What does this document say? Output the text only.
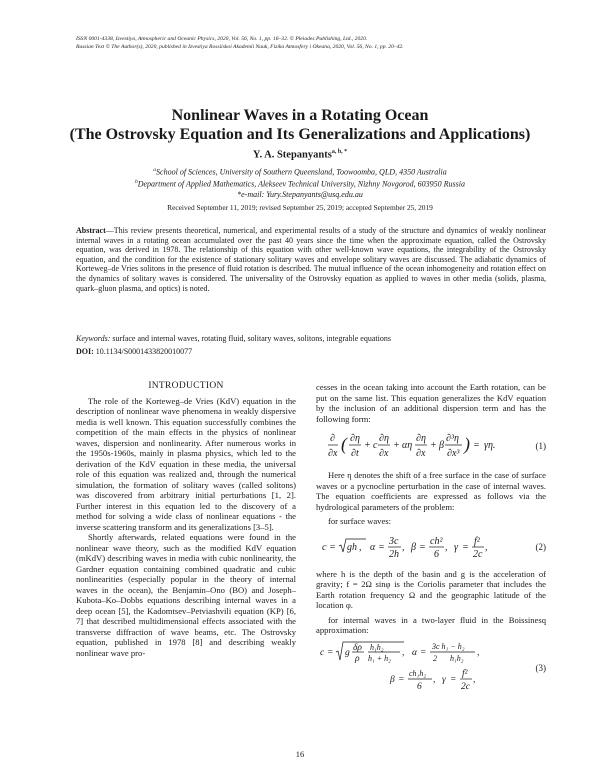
ISSN 0001-4338, Izvestiya, Atmospheric and Oceanic Physics, 2020, Vol. 56, No. 1, pp. 16–32. © Pleiades Publishing, Ltd., 2020.
Russian Text © The Author(s), 2020, published in Izvestiya Rossiiskoi Akademii Nauk, Fizika Atmosfery i Okeana, 2020, Vol. 56, No. 1, pp. 20–42.
Nonlinear Waves in a Rotating Ocean
(The Ostrovsky Equation and Its Generalizations and Applications)
Y. A. Stepanyants$^{a, b, *}$
$^a$School of Sciences, University of Southern Queensland, Toowoomba, QLD, 4350 Australia
$^b$Department of Applied Mathematics, Alekseev Technical University, Nizhny Novgorod, 603950 Russia
*e-mail: Yury.Stepanyants@usq.edu.au
Received September 11, 2019; revised September 25, 2019; accepted September 25, 2019
Abstract—This review presents theoretical, numerical, and experimental results of a study of the structure and dynamics of weakly nonlinear internal waves in a rotating ocean accumulated over the past 40 years since the time when the approximate equation, called the Ostrovsky equation, was derived in 1978. The relationship of this equation with other well-known wave equations, the integrability of the Ostrovsky equation, and the condition for the existence of stationary solitary waves and envelope solitary waves are discussed. The adiabatic dynamics of Korteweg–de Vries solitons in the presence of fluid rotation is described. The mutual influence of the ocean inhomogeneity and rotation effect on the dynamics of solitary waves is considered. The universality of the Ostrovsky equation as applied to waves in other media (solids, plasma, quark–gluon plasma, and optics) is noted.
Keywords: surface and internal waves, rotating fluid, solitary waves, solitons, integrable equations
DOI: 10.1134/S0001433820010077
INTRODUCTION

The role of the Korteweg–de Vries (KdV) equation in the description of nonlinear wave phenomena in weakly dispersive media is well known. This equation successfully combines the competition of the main effects in the physics of nonlinear waves, dispersion and nonlinearity. After numerous works in the 1950s-1960s, mainly in plasma physics, which led to the derivation of the KdV equation in these media, the universal role of this equation was realized and, through the numerical simulation, the formation of solitary waves (called solitons) was discovered from arbitrary initial perturbations [1, 2]. Further interest in this equation led to the discovery of a method for solving a wide class of nonlinear equations - the inverse scattering transform and its generalizations [3–5].

Shortly afterwards, related equations were found in the nonlinear wave theory, such as the modified KdV equation (mKdV) describing waves in media with cubic nonlinearity, the Gardner equation containing combined quadratic and cubic nonlinearities (especially popular in the theory of internal waves in the ocean), the Benjamin–Ono (BO) and Joseph–Kubota–Ko–Dobbs equations describing internal waves in a deep ocean [5], the Kadomtsev–Petviashvili equation (KP) [6, 7] that described multidimensional effects associated with the transverse diffraction of wave beams, etc. The Ostrovsky equation, published in 1978 [8] and describing weakly nonlinear wave pro-

cesses in the ocean taking into account the Earth rotation, can be put on the same list. This equation generalizes the KdV equation by the inclusion of an additional dispersion term and has the following form:

∂
∂x ( ∂η
∂t
+ c
∂η
∂x
+ αη
∂η
∂x
+ β
∂³η
∂x³ ) = γη.	(1)

Here η denotes the shift of a free surface in the case of surface waves or a pycnocline perturbation in the case of internal waves. The equation coefficients are expressed as follows via the hydrological parameters of the problem:

for surface waves:

c = gh , α =
3c
2h
, β =
ch²
6
, γ =
f²
2c
,	(2)

where h is the depth of the basin and g is the acceleration of gravity; f = 2Ω sinφ is the Coriolis parameter that includes the Earth rotation frequency Ω and the geographic latitude of the location φ.

for internal waves in a two-layer fluid in the Boissinesq approximation:

c = g δρ
ρ
h₁h₂
h₁ + h₂
, α =
3c h₁ − h₂
2 h₁h₂
,
β =
ch₁h₂
6
, γ =
f²
2c
,
(3)
16
